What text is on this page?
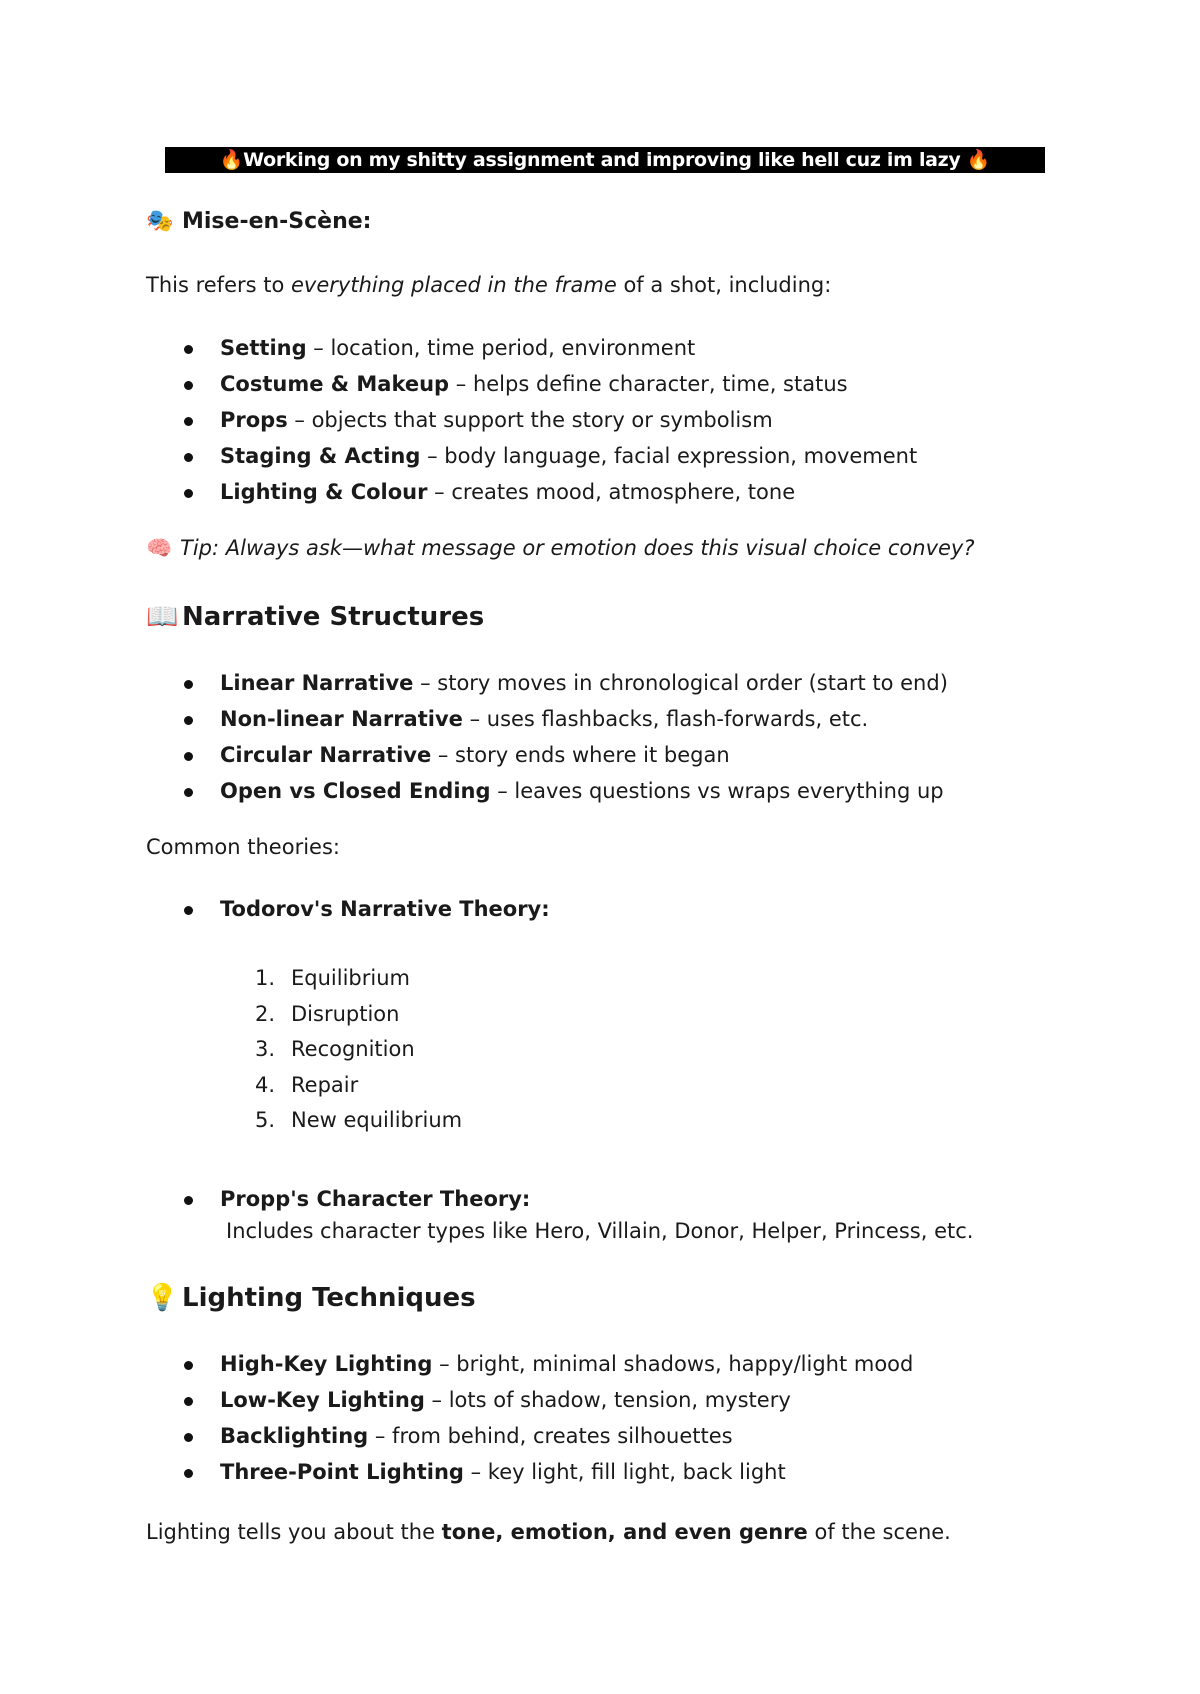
🔥Working on my shitty assignment and improving like hell cuz im lazy 🔥
🎭 Mise-en-Scène:
This refers to everything placed in the frame of a shot, including:
Setting – location, time period, environment
Costume & Makeup – helps define character, time, status
Props – objects that support the story or symbolism
Staging & Acting – body language, facial expression, movement
Lighting & Colour – creates mood, atmosphere, tone
🧠 Tip: Always ask—what message or emotion does this visual choice convey?
📖 Narrative Structures
Linear Narrative – story moves in chronological order (start to end)
Non-linear Narrative – uses flashbacks, flash-forwards, etc.
Circular Narrative – story ends where it began
Open vs Closed Ending – leaves questions vs wraps everything up
Common theories:
Todorov's Narrative Theory:
1. Equilibrium
2. Disruption
3. Recognition
4. Repair
5. New equilibrium
Propp's Character Theory:
Includes character types like Hero, Villain, Donor, Helper, Princess, etc.
💡 Lighting Techniques
High-Key Lighting – bright, minimal shadows, happy/light mood
Low-Key Lighting – lots of shadow, tension, mystery
Backlighting – from behind, creates silhouettes
Three-Point Lighting – key light, fill light, back light
Lighting tells you about the tone, emotion, and even genre of the scene.
